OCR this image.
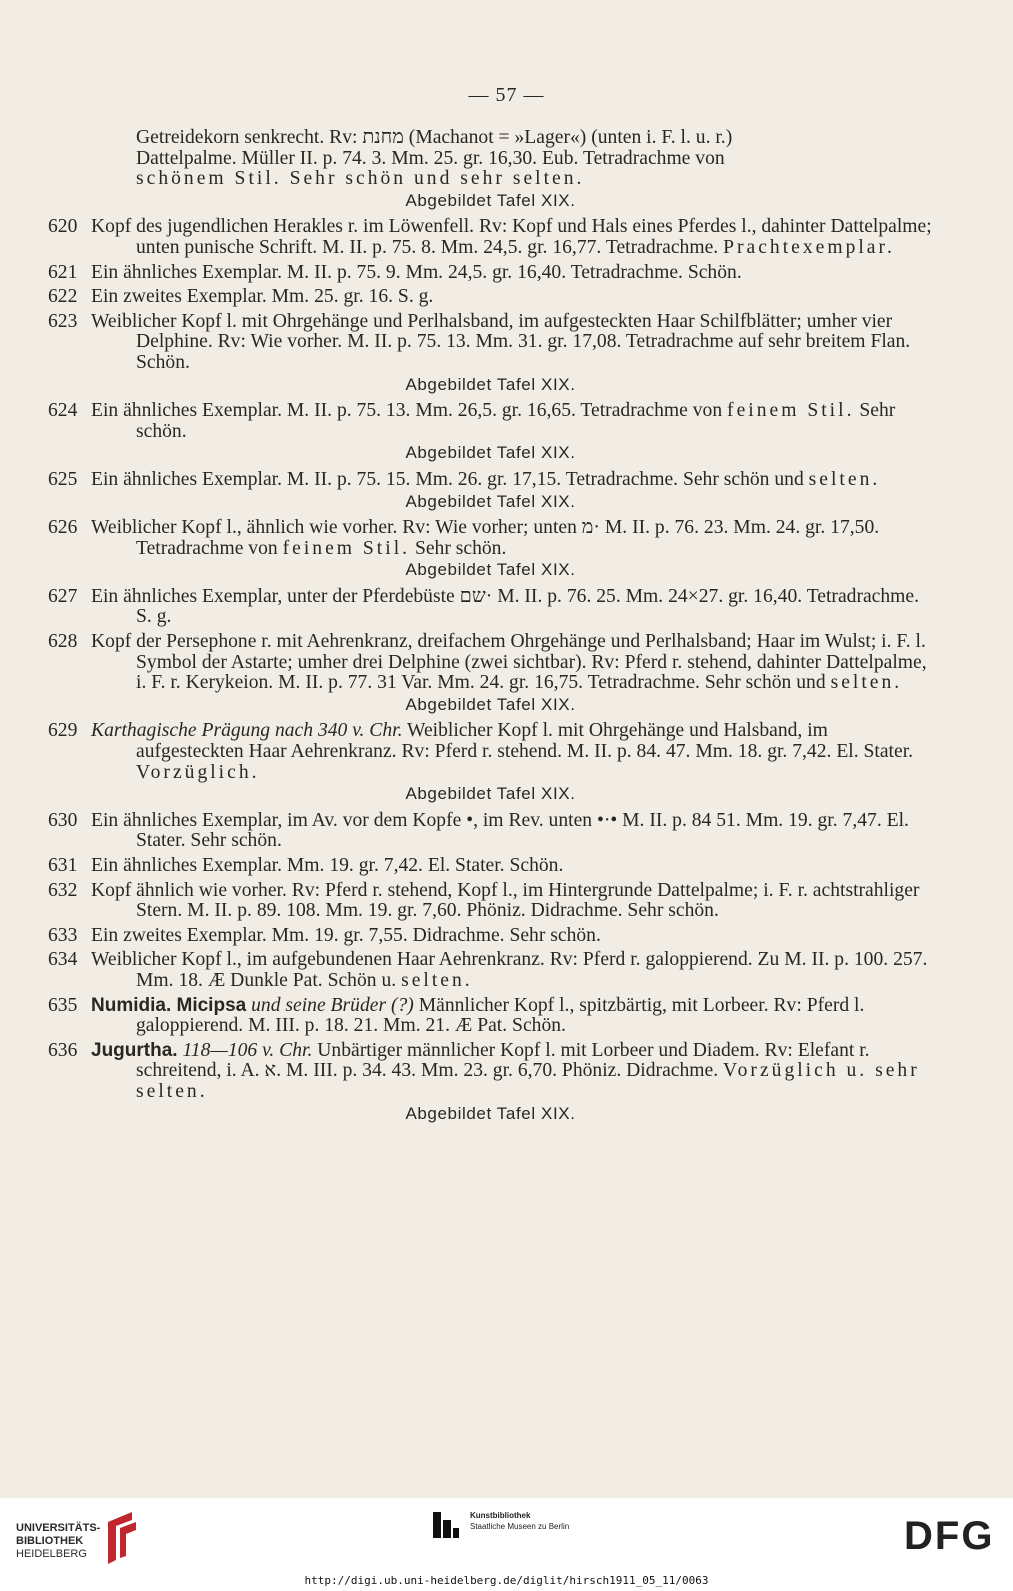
— 57 —
Getreidekorn senkrecht. Rv: מחנת (Machanot = »Lager«) (unten i. F. l. u. r.)
Dattelpalme. Müller II. p. 74. 3. Mm. 25. gr. 16,30. Eub. Tetradrachme von
schönem Stil. Sehr schön und sehr selten.
Abgebildet Tafel XIX.
620 Kopf des jugendlichen Herakles r. im Löwenfell. Rv: Kopf und Hals eines Pferdes l., dahinter Dattelpalme; unten punische Schrift. M. II. p. 75. 8. Mm. 24,5. gr. 16,77. Tetradrachme. Prachtexemplar.
621 Ein ähnliches Exemplar. M. II. p. 75. 9. Mm. 24,5. gr. 16,40. Tetradrachme. Schön.
622 Ein zweites Exemplar. Mm. 25. gr. 16. S. g.
623 Weiblicher Kopf l. mit Ohrgehänge und Perlhalsband, im aufgesteckten Haar Schilfblätter; umher vier Delphine. Rv: Wie vorher. M. II. p. 75. 13. Mm. 31. gr. 17,08. Tetradrachme auf sehr breitem Flan. Schön.
Abgebildet Tafel XIX.
624 Ein ähnliches Exemplar. M. II. p. 75. 13. Mm. 26,5. gr. 16,65. Tetradrachme von feinem Stil. Sehr schön.
Abgebildet Tafel XIX.
625 Ein ähnliches Exemplar. M. II. p. 75. 15. Mm. 26. gr. 17,15. Tetradrachme. Sehr schön und selten.
Abgebildet Tafel XIX.
626 Weiblicher Kopf l., ähnlich wie vorher. Rv: Wie vorher; unten מ· M. II. p. 76. 23. Mm. 24. gr. 17,50. Tetradrachme von feinem Stil. Sehr schön.
Abgebildet Tafel XIX.
627 Ein ähnliches Exemplar, unter der Pferdebüste שם· M. II. p. 76. 25. Mm. 24×27. gr. 16,40. Tetradrachme. S. g.
628 Kopf der Persephone r. mit Aehrenkranz, dreifachem Ohrgehänge und Perlhalsband; Haar im Wulst; i. F. l. Symbol der Astarte; umher drei Delphine (zwei sichtbar). Rv: Pferd r. stehend, dahinter Dattelpalme, i. F. r. Kerykeion. M. II. p. 77. 31 Var. Mm. 24. gr. 16,75. Tetradrachme. Sehr schön und selten.
Abgebildet Tafel XIX.
629 Karthagische Prägung nach 340 v. Chr. Weiblicher Kopf l. mit Ohrgehänge und Halsband, im aufgesteckten Haar Aehrenkranz. Rv: Pferd r. stehend. M. II. p. 84. 47. Mm. 18. gr. 7,42. El. Stater. Vorzüglich.
Abgebildet Tafel XIX.
630 Ein ähnliches Exemplar, im Av. vor dem Kopfe •, im Rev. unten •·• M. II. p. 84 51. Mm. 19. gr. 7,47. El. Stater. Sehr schön.
631 Ein ähnliches Exemplar. Mm. 19. gr. 7,42. El. Stater. Schön.
632 Kopf ähnlich wie vorher. Rv: Pferd r. stehend, Kopf l., im Hintergrunde Dattelpalme; i. F. r. achtstrahliger Stern. M. II. p. 89. 108. Mm. 19. gr. 7,60. Phöniz. Didrachme. Sehr schön.
633 Ein zweites Exemplar. Mm. 19. gr. 7,55. Didrachme. Sehr schön.
634 Weiblicher Kopf l., im aufgebundenen Haar Aehrenkranz. Rv: Pferd r. galoppierend. Zu M. II. p. 100. 257. Mm. 18. Æ Dunkle Pat. Schön u. selten.
635 Numidia. Micipsa und seine Brüder (?) Männlicher Kopf l., spitzbärtig, mit Lorbeer. Rv: Pferd l. galoppierend. M. III. p. 18. 21. Mm. 21. Æ Pat. Schön.
636 Jugurtha. 118—106 v. Chr. Unbärtiger männlicher Kopf l. mit Lorbeer und Diadem. Rv: Elefant r. schreitend, i. A. א. M. III. p. 34. 43. Mm. 23. gr. 6,70. Phöniz. Didrachme. Vorzüglich u. sehr selten.
Abgebildet Tafel XIX.
UNIVERSITÄTS-
BIBLIOTHEK
HEIDELBERG
Kunstbibliothek
Staatliche Museen zu Berlin	DFG
http://digi.ub.uni-heidelberg.de/diglit/hirsch1911_05_11/0063
